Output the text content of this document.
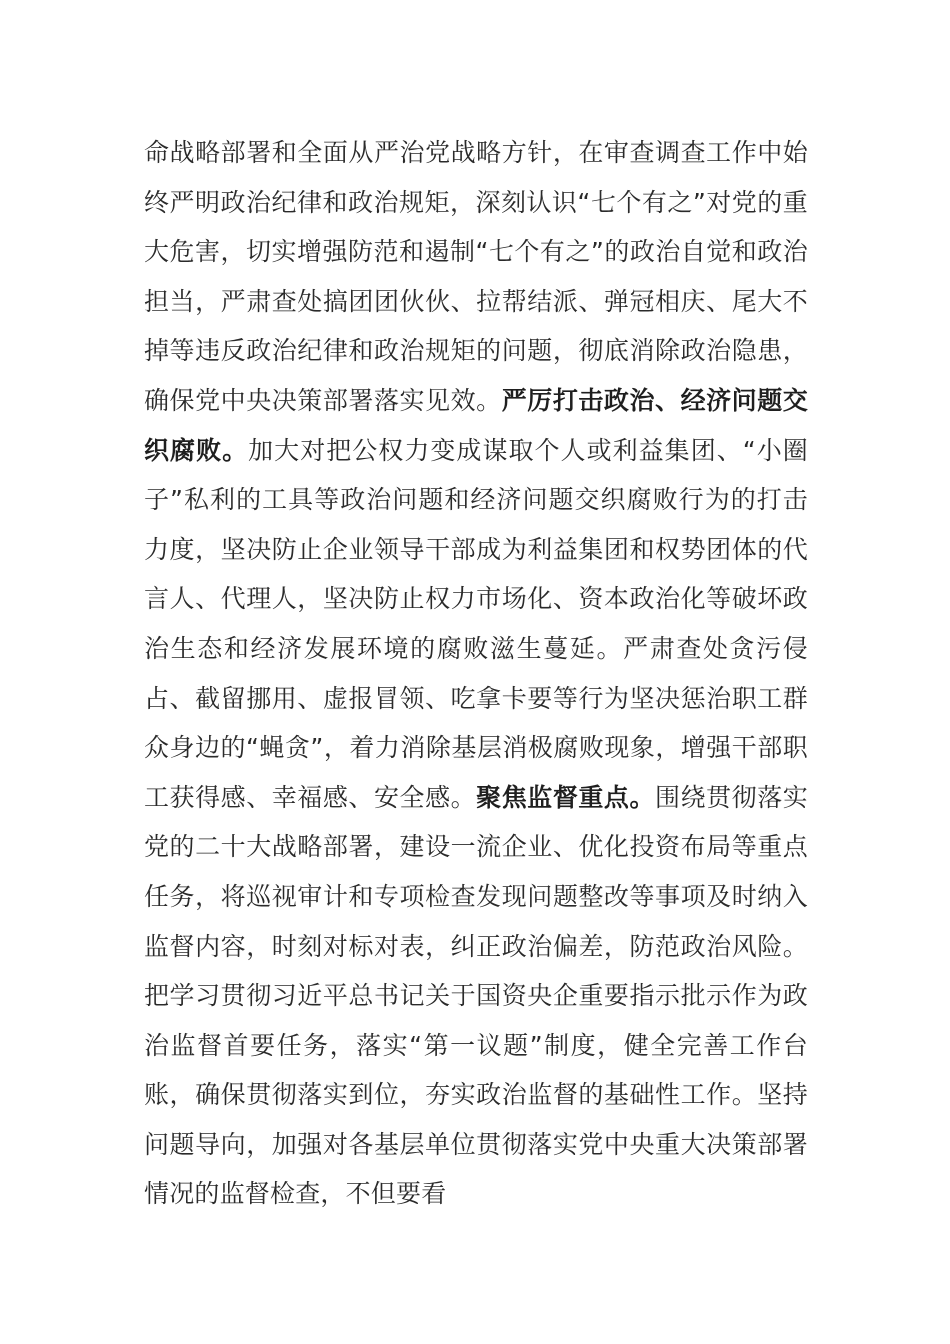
命战略部署和全面从严治党战略方针，在审查调查工作中始终严明政治纪律和政治规矩，深刻认识“七个有之”对党的重大危害，切实增强防范和遏制“七个有之”的政治自觉和政治担当，严肃查处搞团团伙伙、拉帮结派、弹冠相庆、尾大不掉等违反政治纪律和政治规矩的问题，彻底消除政治隐患，确保党中央决策部署落实见效。严厉打击政治、经济问题交织腐败。加大对把公权力变成谋取个人或利益集团、“小圈子”私利的工具等政治问题和经济问题交织腐败行为的打击力度，坚决防止企业领导干部成为利益集团和权势团体的代言人、代理人，坚决防止权力市场化、资本政治化等破坏政治生态和经济发展环境的腐败滋生蔓延。严肃查处贪污侵占、截留挪用、虚报冒领、吃拿卡要等行为坚决惩治职工群众身边的“蝇贪”，着力消除基层消极腐败现象，增强干部职工获得感、幸福感、安全感。聚焦监督重点。围绕贯彻落实党的二十大战略部署，建设一流企业、优化投资布局等重点任务，将巡视审计和专项检查发现问题整改等事项及时纳入监督内容，时刻对标对表，纠正政治偏差，防范政治风险。把学习贯彻习近平总书记关于国资央企重要指示批示作为政治监督首要任务，落实“第一议题”制度，健全完善工作台账，确保贯彻落实到位，夯实政治监督的基础性工作。坚持问题导向，加强对各基层单位贯彻落实党中央重大决策部署情况的监督检查，不但要看
